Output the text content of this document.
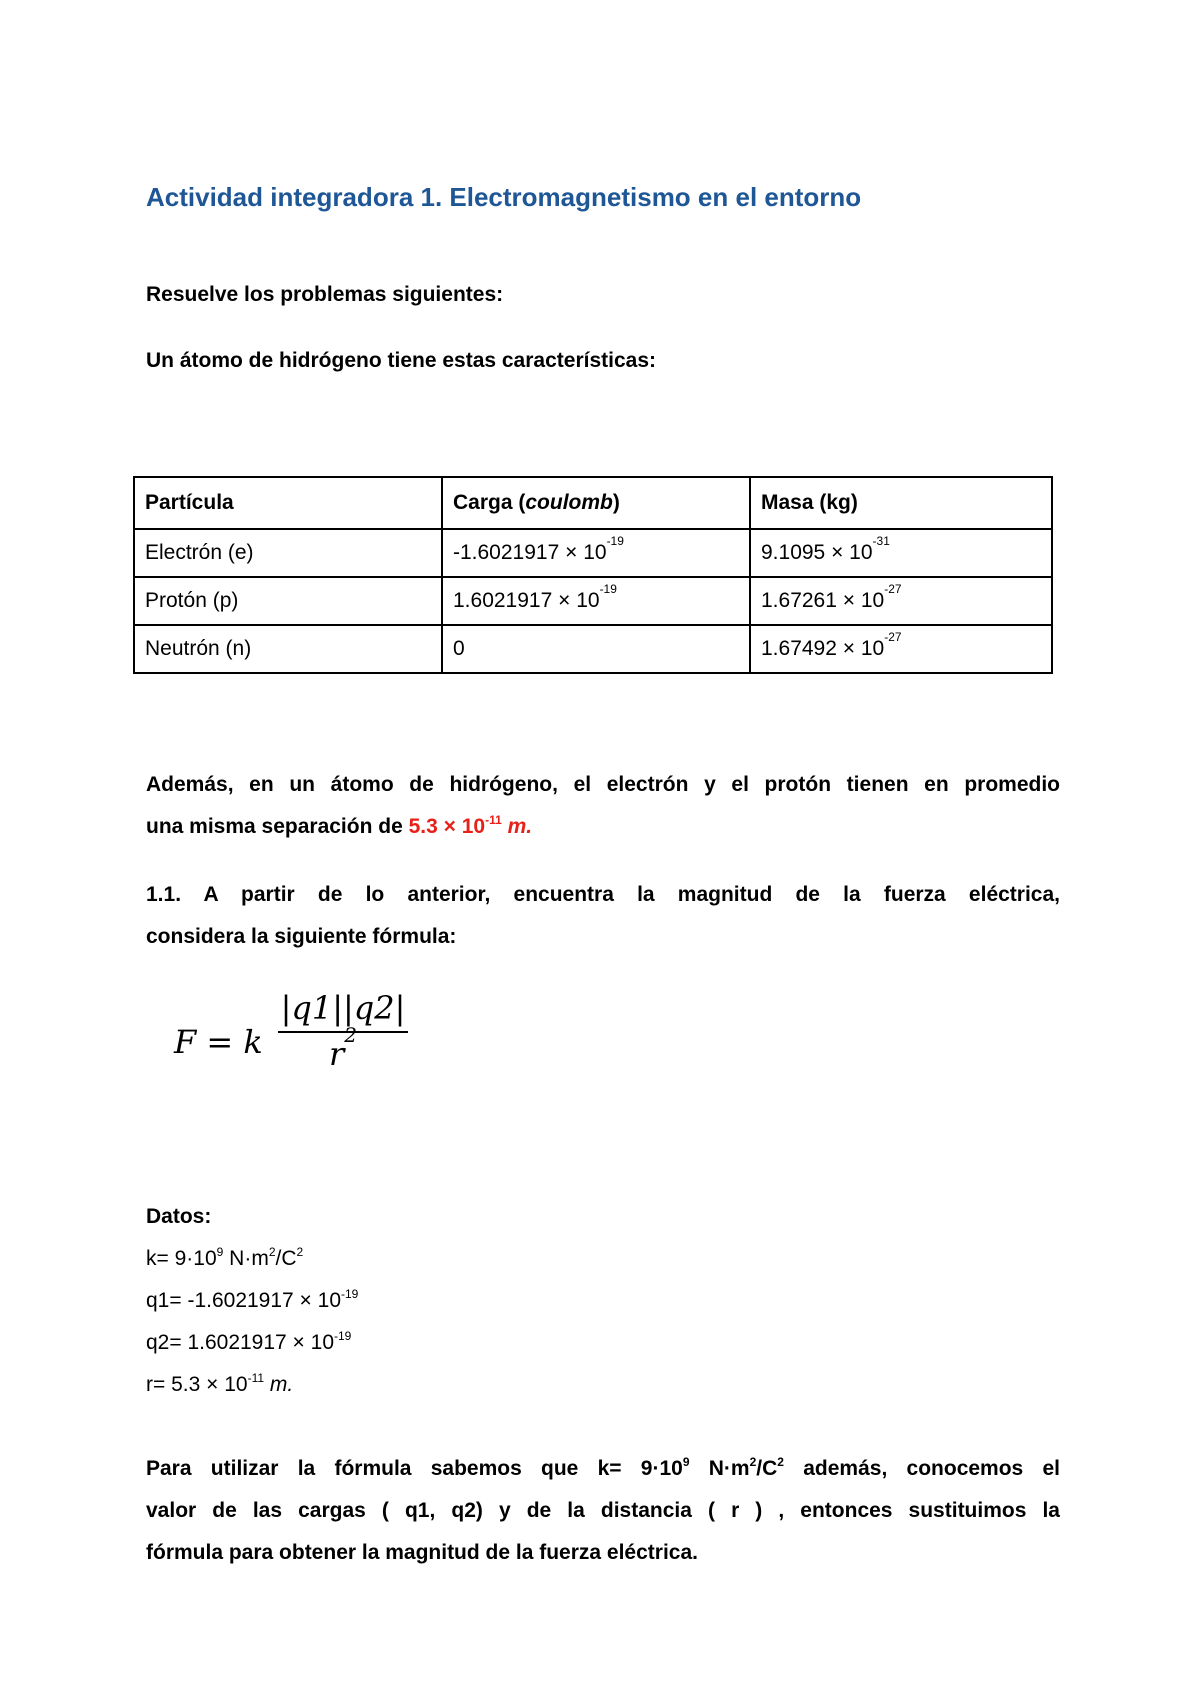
Actividad integradora 1. Electromagnetismo en el entorno

Resuelve los problemas siguientes:

Un átomo de hidrógeno tiene estas características:

Partícula	Carga (coulomb)	Masa (kg)
Electrón (e)	$-1.6021917 \times 10^{-19}$	$9.1095 \times 10^{-31}$
Protón (p)	$1.6021917 \times 10^{-19}$	$1.67261 \times 10^{-27}$
Neutrón (n)	0	$1.67492 \times 10^{-27}$
Además, en un átomo de hidrógeno, el electrón y el protón tienen en promedio
una misma separación de $5.3 \times 10^{-11}$ m.
1.1. A partir de lo anterior, encuentra la magnitud de la fuerza eléctrica,
considera la siguiente fórmula:
F = k $\frac{|q1||q2|}{r^2}$
Datos:
$k= 9\cdot 10^9$ $N\cdot m^2/C^2$
$q1= -1.6021917 \times 10^{-19}$
$q2= 1.6021917 \times 10^{-19}$
$r= 5.3 \times 10^{-11}$ m.
Para utilizar la fórmula sabemos que $k= 9\cdot 10^9$ $N\cdot m^2/C^2$ además, conocemos el
valor de las cargas ( q1, q2) y de la distancia ( r ) , entonces sustituimos la
fórmula para obtener la magnitud de la fuerza eléctrica.
